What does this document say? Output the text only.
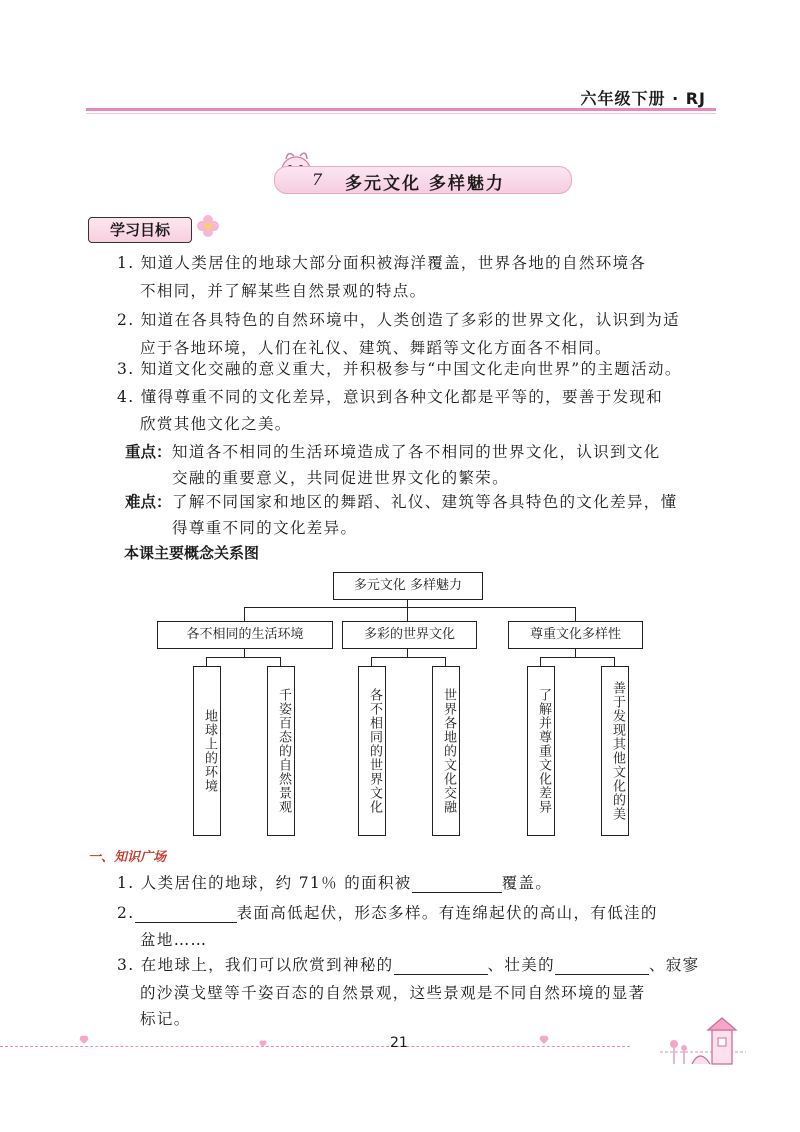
六年级下册 · RJ
7 多元文化 多样魅力
学习目标
1. 知道人类居住的地球大部分面积被海洋覆盖，世界各地的自然环境各
不相同，并了解某些自然景观的特点。
2. 知道在各具特色的自然环境中，人类创造了多彩的世界文化，认识到为适
应于各地环境，人们在礼仪、建筑、舞蹈等文化方面各不相同。
3. 知道文化交融的意义重大，并积极参与“中国文化走向世界”的主题活动。
4. 懂得尊重不同的文化差异，意识到各种文化都是平等的，要善于发现和
欣赏其他文化之美。
重点： 知道各不相同的生活环境造成了各不相同的世界文化，认识到文化
交融的重要意义，共同促进世界文化的繁荣。
难点： 了解不同国家和地区的舞蹈、礼仪、建筑等各具特色的文化差异，懂
得尊重不同的文化差异。
本课主要概念关系图
多元文化 多样魅力
各不相同的生活环境	多彩的世界文化	尊重文化多样性
地球上的环境	千姿百态的自然景观	各不相同的世界文化	世界各地的文化交融	了解并尊重文化差异	善于发现其他文化的美
一、知识广场
1. 人类居住的地球，约 71％ 的面积被	覆盖。
2.	表面高低起伏，形态多样。有连绵起伏的高山，有低洼的
盆地……
3. 在地球上，我们可以欣赏到神秘的	、壮美的	、寂寥
的沙漠戈壁等千姿百态的自然景观，这些景观是不同自然环境的显著
标记。
21
